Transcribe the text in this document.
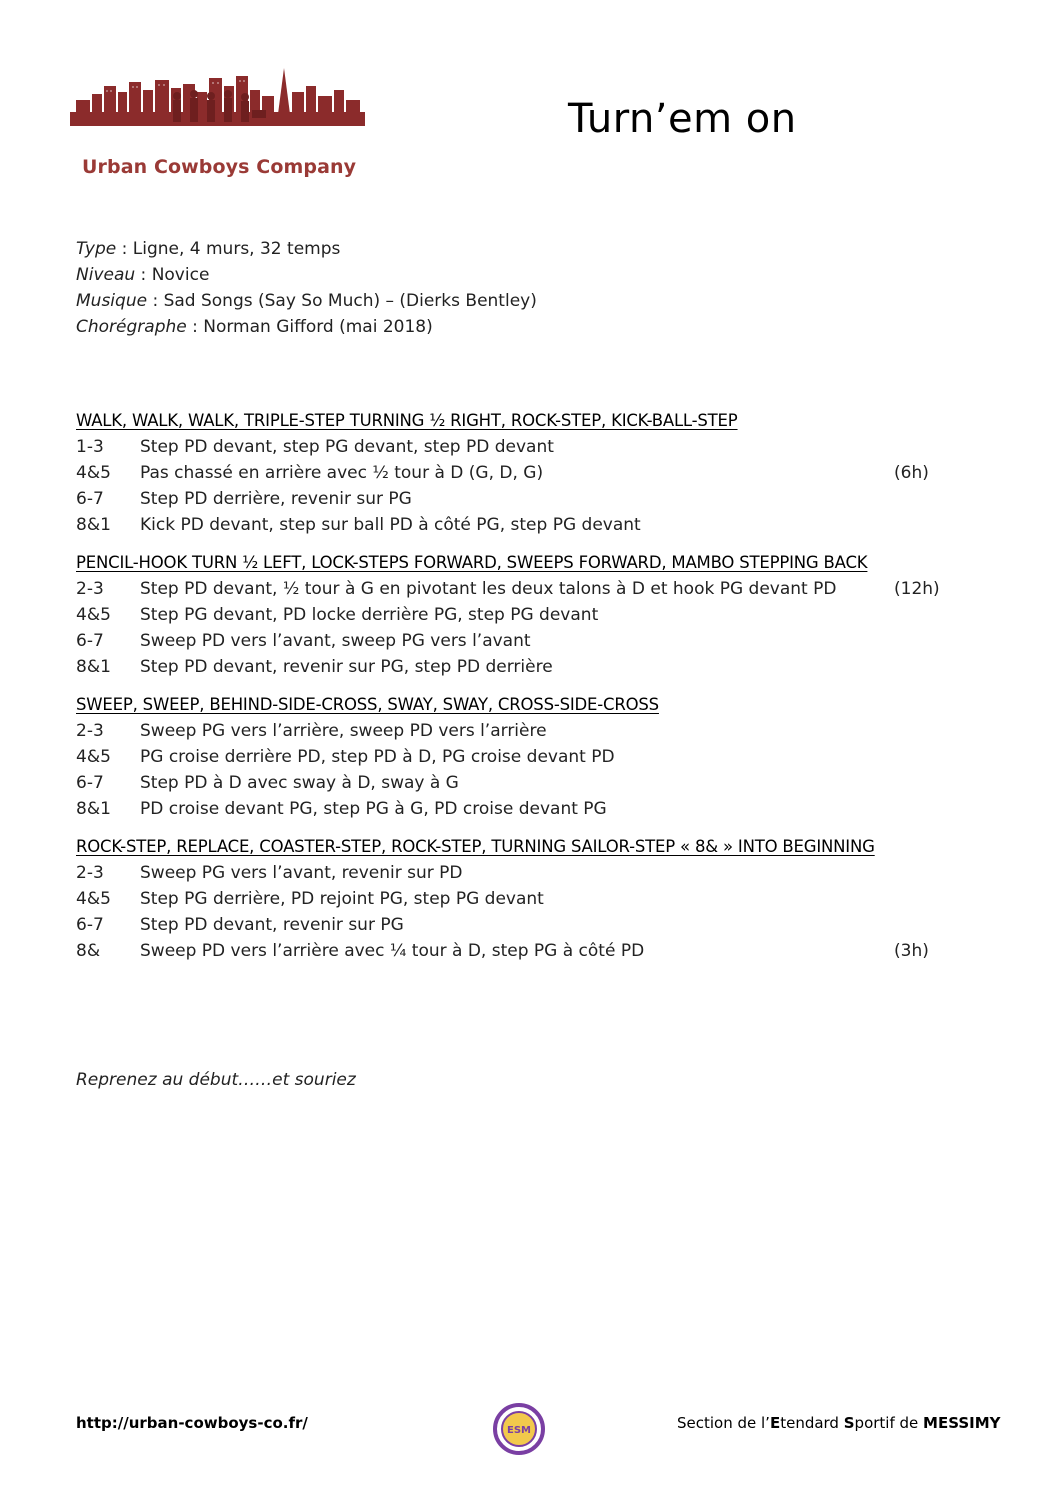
Urban Cowboys Company
Turn’em on
Type : Ligne, 4 murs, 32 temps
Niveau : Novice
Musique : Sad Songs (Say So Much) – (Dierks Bentley)
Chorégraphe : Norman Gifford (mai 2018)
WALK, WALK, WALK, TRIPLE-STEP TURNING ½ RIGHT, ROCK-STEP, KICK-BALL-STEP
1-3 Step PD devant, step PG devant, step PD devant
4&5 Pas chassé en arrière avec ½ tour à D (G, D, G)	(6h)
6-7 Step PD derrière, revenir sur PG
8&1 Kick PD devant, step sur ball PD à côté PG, step PG devant
PENCIL-HOOK TURN ½ LEFT, LOCK-STEPS FORWARD, SWEEPS FORWARD, MAMBO STEPPING BACK
2-3 Step PD devant, ½ tour à G en pivotant les deux talons à D et hook PG devant PD	(12h)
4&5 Step PG devant, PD locke derrière PG, step PG devant
6-7 Sweep PD vers l’avant, sweep PG vers l’avant
8&1 Step PD devant, revenir sur PG, step PD derrière
SWEEP, SWEEP, BEHIND-SIDE-CROSS, SWAY, SWAY, CROSS-SIDE-CROSS
2-3 Sweep PG vers l’arrière, sweep PD vers l’arrière
4&5 PG croise derrière PD, step PD à D, PG croise devant PD
6-7 Step PD à D avec sway à D, sway à G
8&1 PD croise devant PG, step PG à G, PD croise devant PG
ROCK-STEP, REPLACE, COASTER-STEP, ROCK-STEP, TURNING SAILOR-STEP « 8& » INTO BEGINNING
2-3 Sweep PG vers l’avant, revenir sur PD
4&5 Step PG derrière, PD rejoint PG, step PG devant
6-7 Step PD devant, revenir sur PG
8& Sweep PD vers l’arrière avec ¼ tour à D, step PG à côté PD	(3h)
Reprenez au début……et souriez
http://urban-cowboys-co.fr/	ESM	Section de l’Etendard Sportif de MESSIMY
